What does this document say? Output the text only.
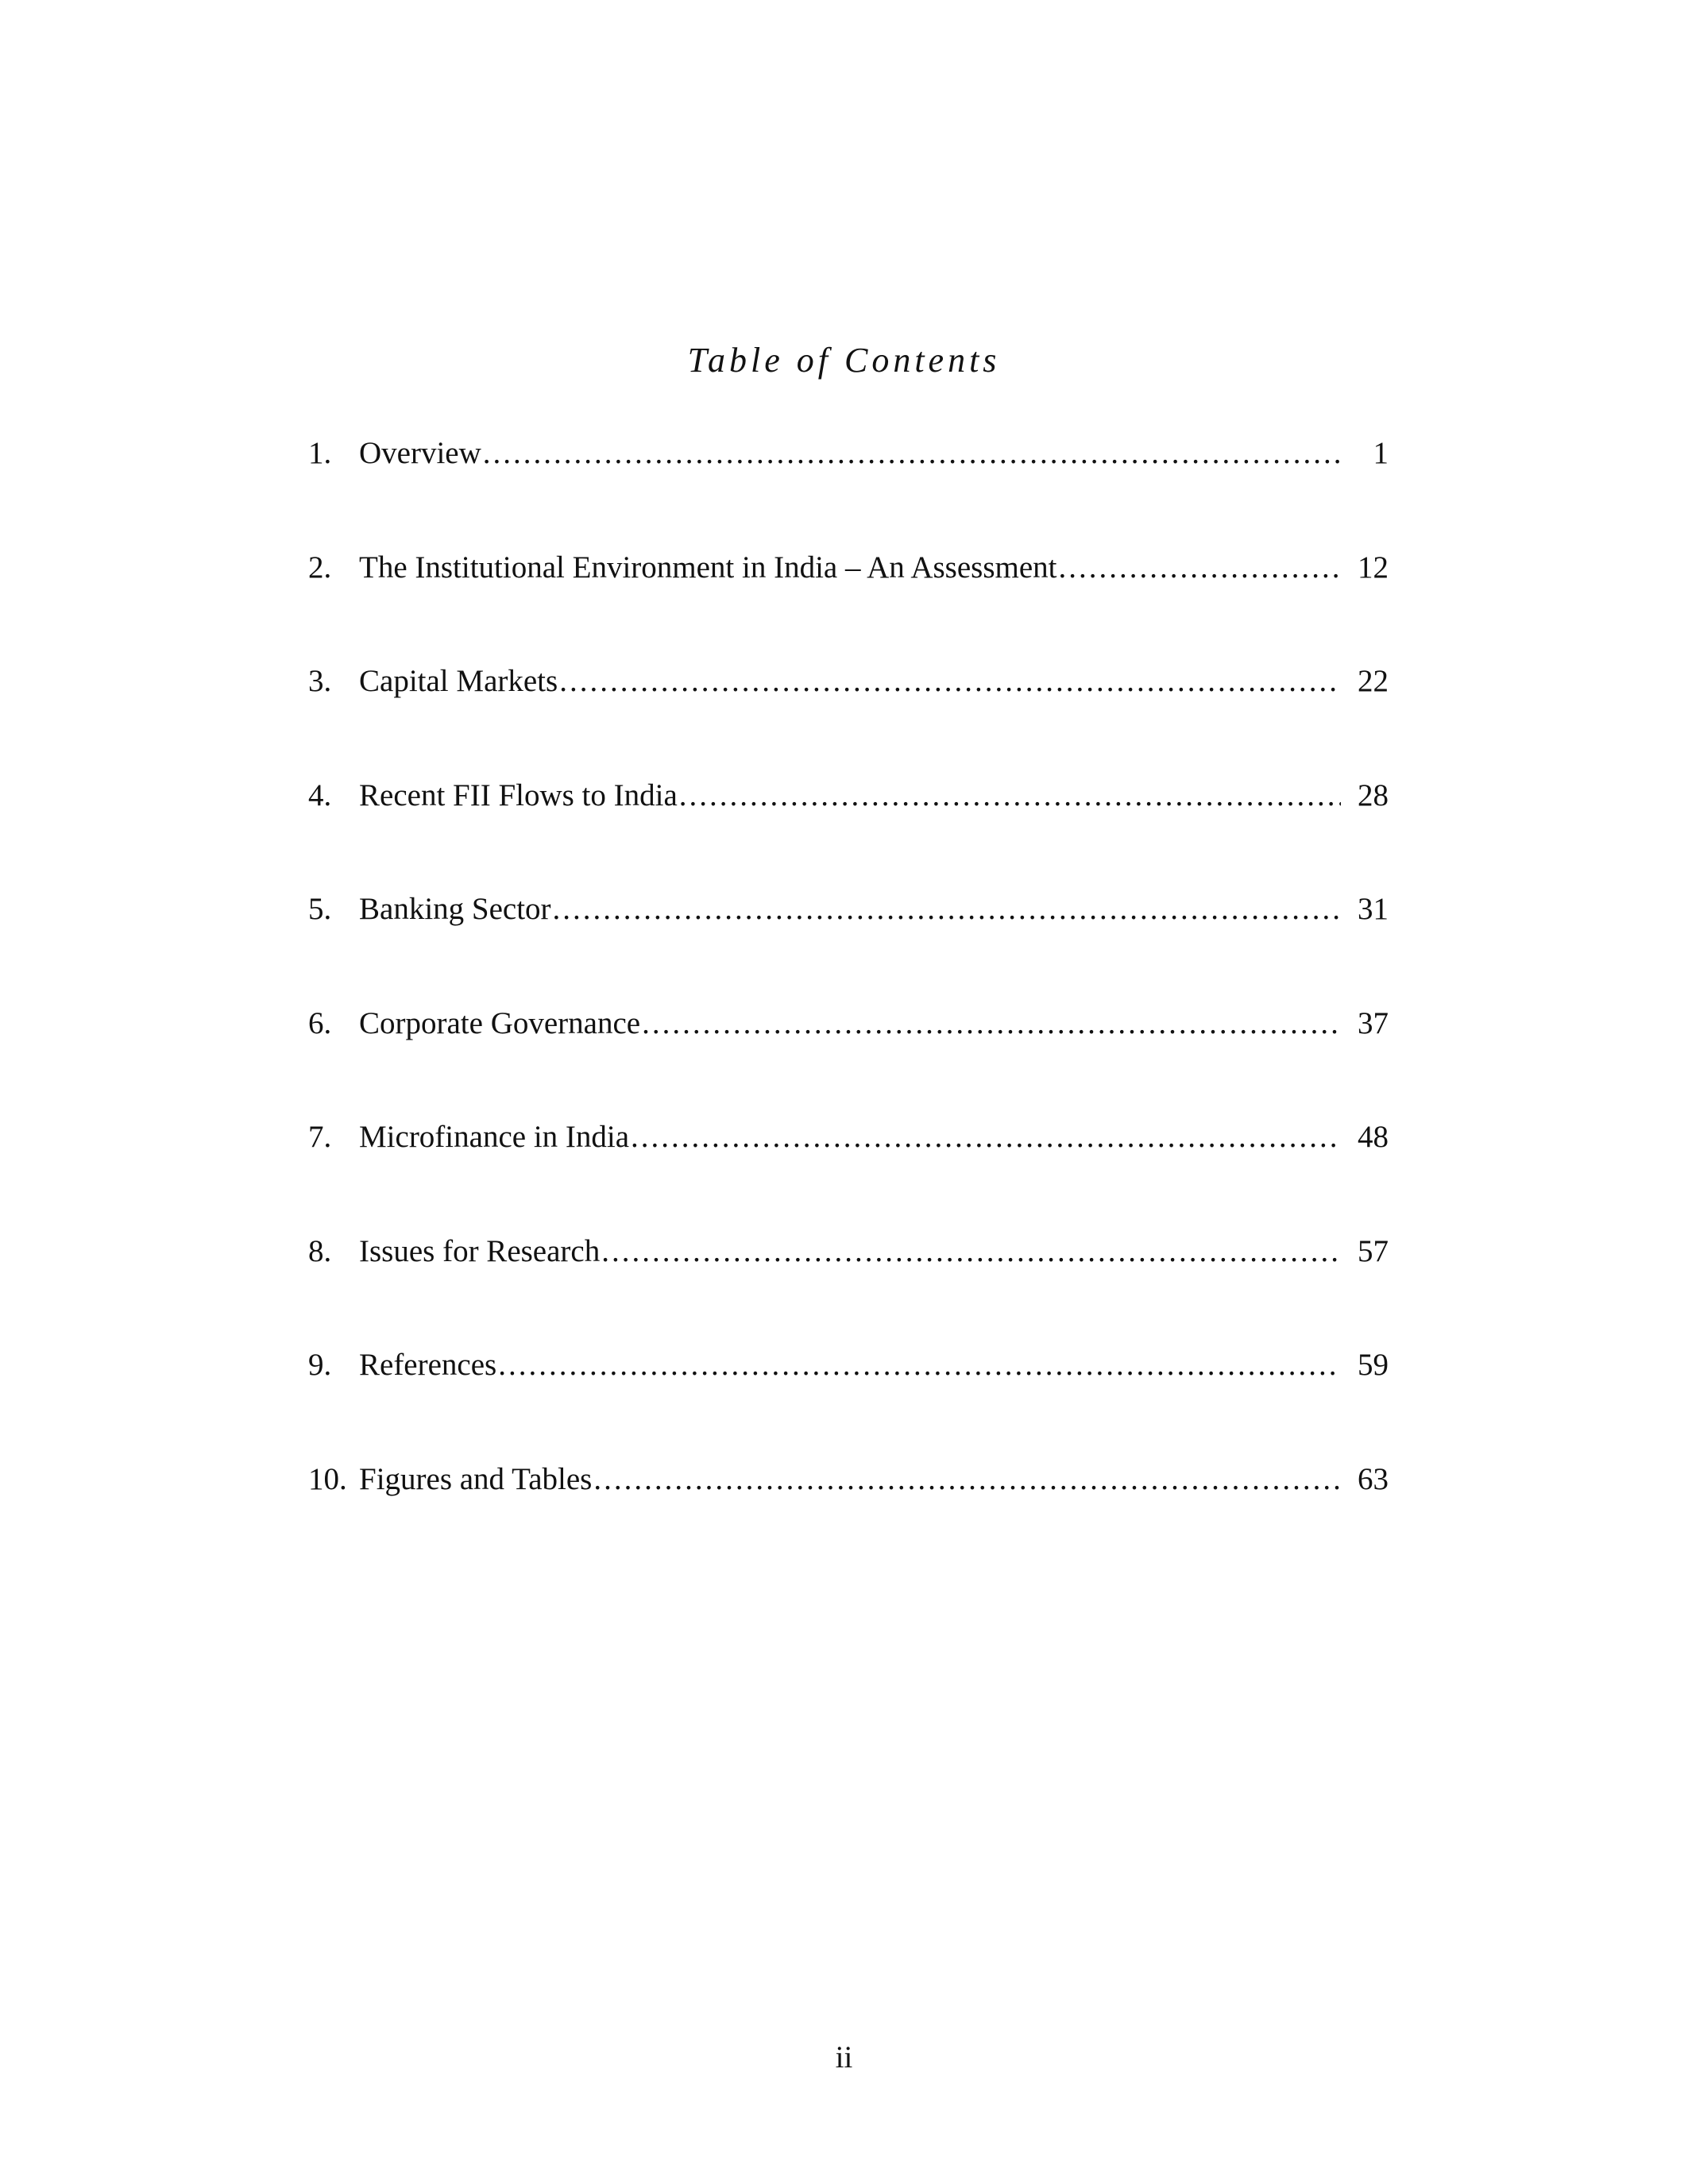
Table of Contents
1. Overview .....	1
2. The Institutional Environment in India – An Assessment .....	12
3. Capital Markets .....	22
4. Recent FII Flows to India .....	28
5. Banking Sector .....	31
6. Corporate Governance .....	37
7. Microfinance in India .....	48
8. Issues for Research .....	57
9. References .....	59
10. Figures and Tables .....	63
ii
